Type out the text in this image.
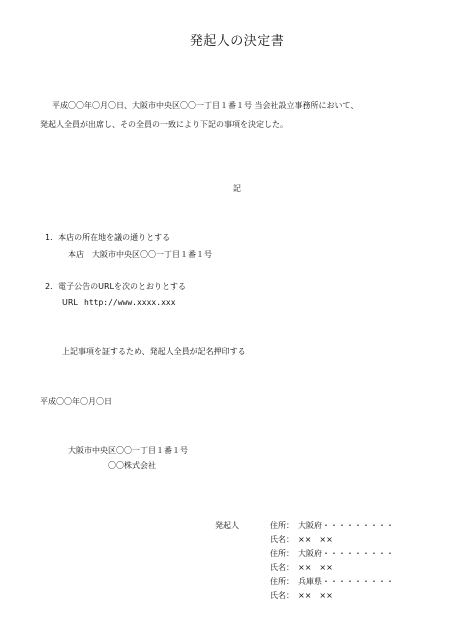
発起人の決定書
平成〇〇年〇月〇日、大阪市中央区〇〇一丁目１番１号 当会社設立事務所において、
発起人全員が出席し、その全員の一致により下記の事項を決定した。
記
1．本店の所在地を議の通りとする
本店　大阪市中央区〇〇一丁目１番１号
2．電子公告のURLを次のとおりとする
URL http://www.xxxx.xxx
上記事項を証するため、発起人全員が記名押印する
平成〇〇年〇月〇日
大阪市中央区〇〇一丁目１番１号
〇〇株式会社
発起人	住所： 大阪府・・・・・・・・・
氏名： ××　××
住所： 大阪府・・・・・・・・・
氏名： ××　××
住所： 兵庫県・・・・・・・・・
氏名： ××　××
